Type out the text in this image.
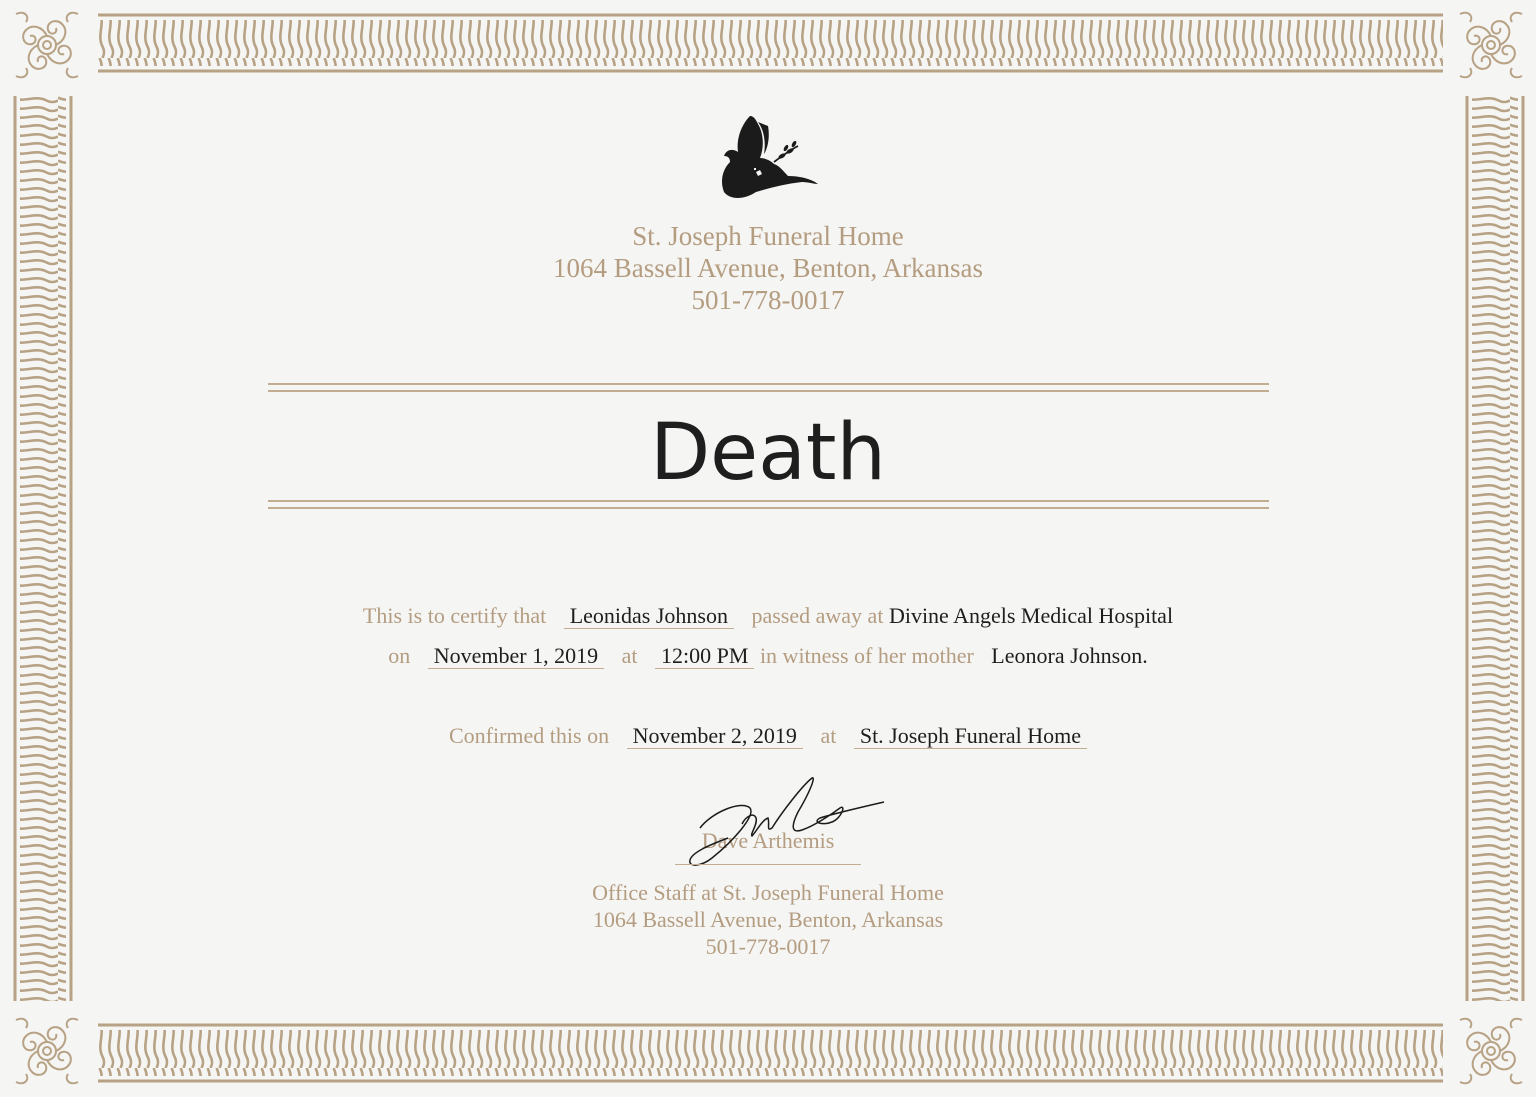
St. Joseph Funeral Home
1064 Bassell Avenue, Benton, Arkansas
501-778-0017
Death
This is to certify that Leonidas Johnson passed away at Divine Angels Medical Hospital
on November 1, 2019 at 12:00 PM in witness of her mother Leonora Johnson.
Confirmed this on November 2, 2019 at St. Joseph Funeral Home
Dave Arthemis
Office Staff at St. Joseph Funeral Home
1064 Bassell Avenue, Benton, Arkansas
501-778-0017
